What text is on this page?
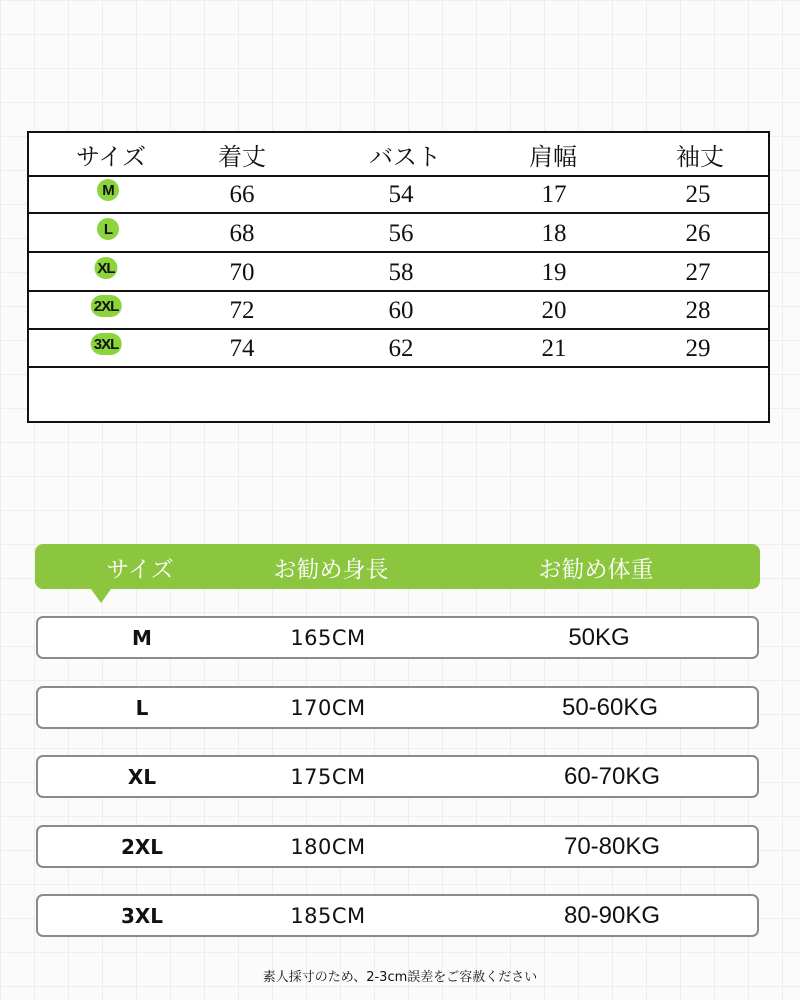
サイズ	着丈	バスト	肩幅	袖丈
M	66	54	17	25
L	68	56	18	26
XL	70	58	19	27
2XL	72	60	20	28
3XL	74	62	21	29
サイズ	お勧め身長	お勧め体重
M	165CM	50KG
L	170CM	50-60KG
XL	175CM	60-70KG
2XL	180CM	70-80KG
3XL	185CM	80-90KG
素人採寸のため、2-3cm誤差をご容赦ください
